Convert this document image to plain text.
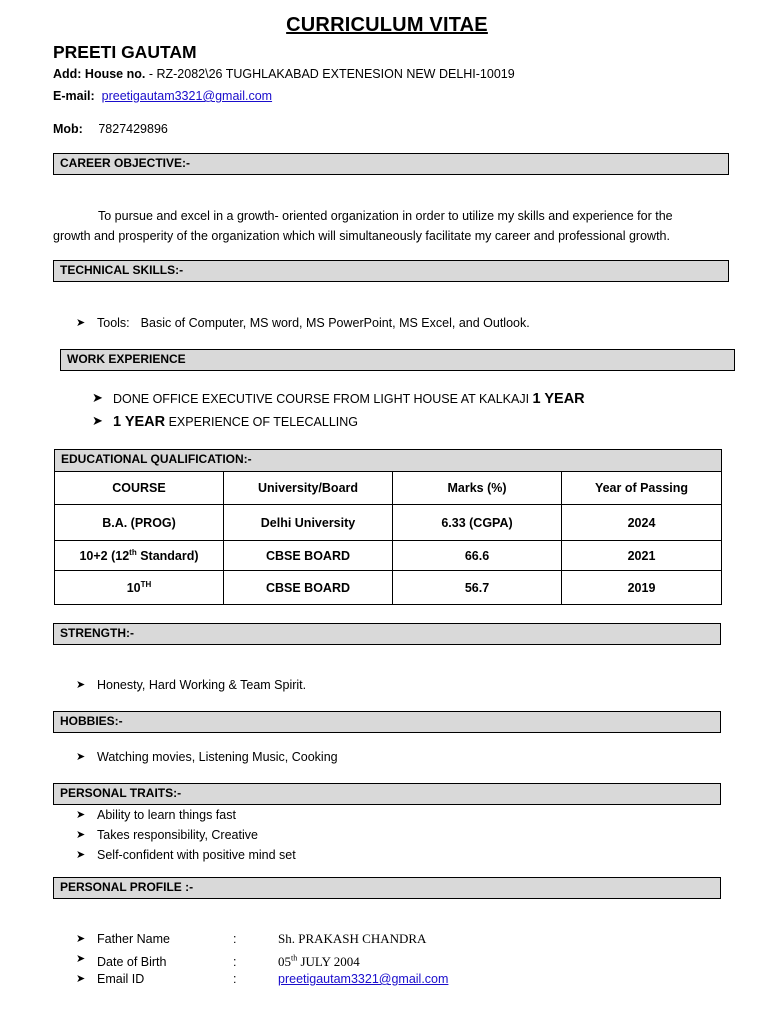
CURRICULUM VITAE
PREETI GAUTAM
Add: House no. - RZ-2082\26 TUGHLAKABAD EXTENESION NEW DELHI-10019
E-mail: preetigautam3321@gmail.com
Mob: 7827429896
CAREER OBJECTIVE:-
To pursue and excel in a growth- oriented organization in order to utilize my skills and experience for the growth and prosperity of the organization which will simultaneously facilitate my career and professional growth.
TECHNICAL SKILLS:-
➤ Tools: Basic of Computer, MS word, MS PowerPoint, MS Excel, and Outlook.
WORK EXPERIENCE
➤ DONE OFFICE EXECUTIVE COURSE FROM LIGHT HOUSE AT KALKAJI 1 YEAR
➤ 1 YEAR EXPERIENCE OF TELECALLING
EDUCATIONAL QUALIFICATION:-
COURSE	University/Board	Marks (%)	Year of Passing
B.A. (PROG)	Delhi University	6.33 (CGPA)	2024
10+2 (12th Standard)	CBSE BOARD	66.6	2021
10TH	CBSE BOARD	56.7	2019
STRENGTH:-
➤ Honesty, Hard Working & Team Spirit.
HOBBIES:-
➤ Watching movies, Listening Music, Cooking
PERSONAL TRAITS:-
➤ Ability to learn things fast
➤ Takes responsibility, Creative
➤ Self-confident with positive mind set
PERSONAL PROFILE :-
➤ Father Name	:	Sh. PRAKASH CHANDRA
➤ Date of Birth	:	05th JULY 2004
➤ Email ID	:	preetigautam3321@gmail.com
